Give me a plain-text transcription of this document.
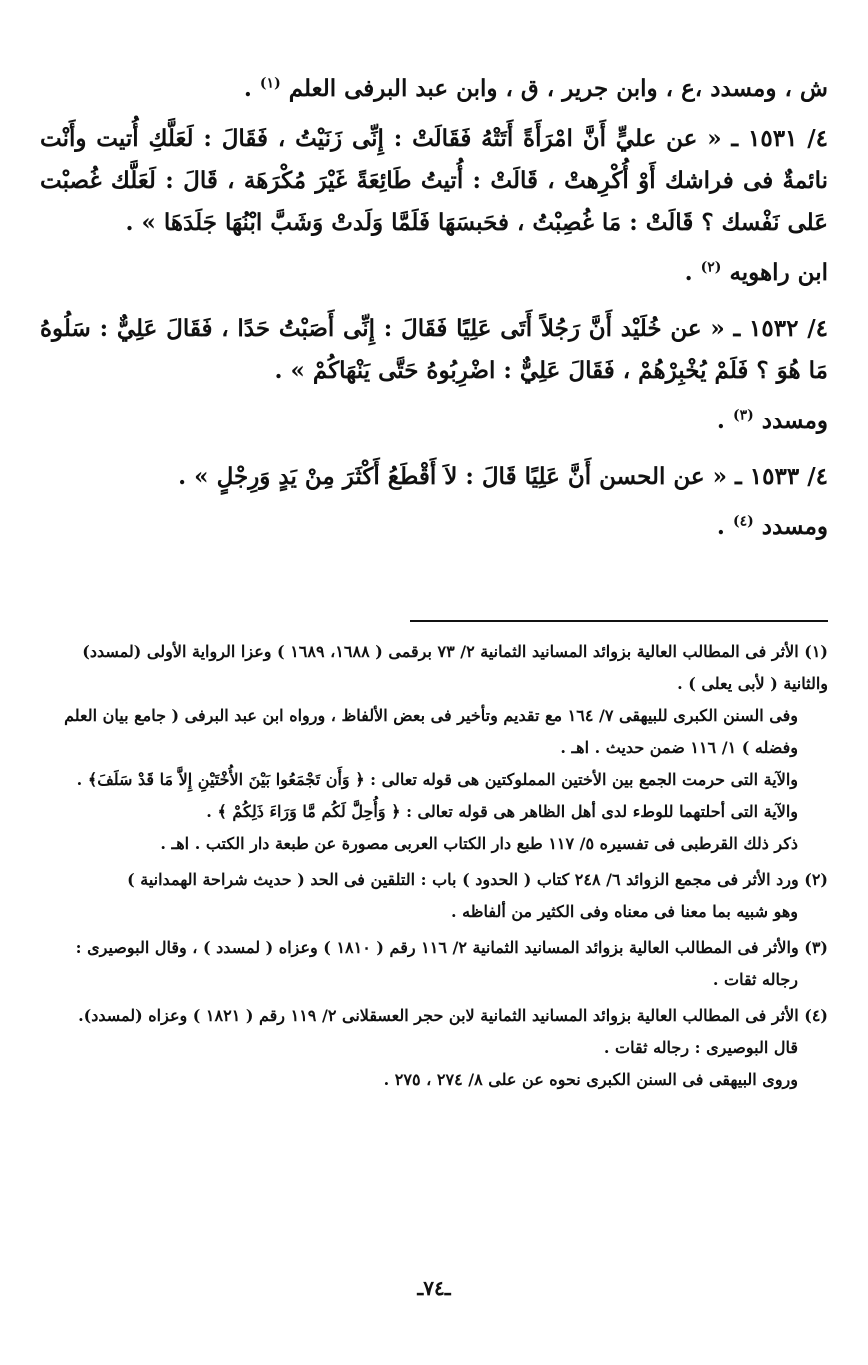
ش ، ومسدد ،ع ، وابن جرير ، ق ، وابن عبد البرفى العلم $^{(١)}$ .

٤/ ١٥٣١ ـ « عن عليٍّ أَنَّ امْرَأَةً أَتَتْهُ فَقَالَتْ : إِنِّى زَنَيْتُ ، فَقَالَ : لَعَلَّكِ أُتيت وأَنْت نائمةٌ فى فراشك أَوْ أُكْرِهتْ ، قَالَتْ : أُتيتُ طَائِعَةً غَيْرَ مُكْرَهَة ، قَالَ : لَعَلَّك غُصبْت عَلى نَفْسك ؟ قَالَتْ : مَا غُصِبْتُ ، فحَبسَهَا فَلَمَّا وَلَدتْ وَشَبَّ ابْنُهَا جَلَدَهَا » .

ابن راهويه $^{(٢)}$ .

٤/ ١٥٣٢ ـ « عن خُلَيْد أَنَّ رَجُلاً أَتَى عَلِيًا فَقَالَ : إِنِّى أَصَبْتُ حَدًا ، فَقَالَ عَلِيٌّ : سَلُوهُ مَا هُوَ ؟ فَلَمْ يُخْبِرْهُمْ ، فَقَالَ عَلِيٌّ : اضْرِبُوهُ حَتَّى يَنْهَاكُمْ » .

ومسدد $^{(٣)}$ .

٤/ ١٥٣٣ ـ « عن الحسن أَنَّ عَلِيًا قَالَ : لاَ أَقْطَعُ أَكْثَرَ مِنْ يَدٍ وَرِجْلٍ » .

ومسدد $^{(٤)}$ .

(١) الأثر فى المطالب العالية بزوائد المسانيد الثمانية ٢/ ٧٣ برقمى ( ١٦٨٨، ١٦٨٩ ) وعزا الرواية الأولى (لمسدد) والثانية ( لأبى يعلى ) .

وفى السنن الكبرى للبيهقى ٧/ ١٦٤ مع تقديم وتأخير فى بعض الألفاظ ، ورواه ابن عبد البرفى ( جامع بيان العلم وفضله ) ١/ ١١٦ ضمن حديث . اهـ .

والآية التى حرمت الجمع بين الأختين المملوكتين هى قوله تعالى : ﴿ وَأَن تَجْمَعُوا بَيْنَ الأُخْتَيْنِ إِلاَّ مَا قَدْ سَلَفَ﴾ .

والآية التى أحلتهما للوطء لدى أهل الظاهر هى قوله تعالى : ﴿ وَأُحِلَّ لَكُم مَّا وَرَاءَ ذَلِكُمْ ﴾ .

ذكر ذلك القرطبى فى تفسيره ٥/ ١١٧ طبع دار الكتاب العربى مصورة عن طبعة دار الكتب . اهـ .

(٢) ورد الأثر فى مجمع الزوائد ٦/ ٢٤٨ كتاب ( الحدود ) باب : التلقين فى الحد ( حديث شراحة الهمدانية )

وهو شبيه بما معنا فى معناه وفى الكثير من ألفاظه .

(٣) والأثر فى المطالب العالية بزوائد المسانيد الثمانية ٢/ ١١٦ رقم ( ١٨١٠ ) وعزاه ( لمسدد ) ، وقال البوصيرى :

رجاله ثقات .

(٤) الأثر فى المطالب العالية بزوائد المسانيد الثمانية لابن حجر العسقلانى ٢/ ١١٩ رقم ( ١٨٢١ ) وعزاه (لمسدد).

قال البوصيرى : رجاله ثقات .

وروى البيهقى فى السنن الكبرى نحوه عن على ٨/ ٢٧٤ ، ٢٧٥ .

ـ٧٤ـ
